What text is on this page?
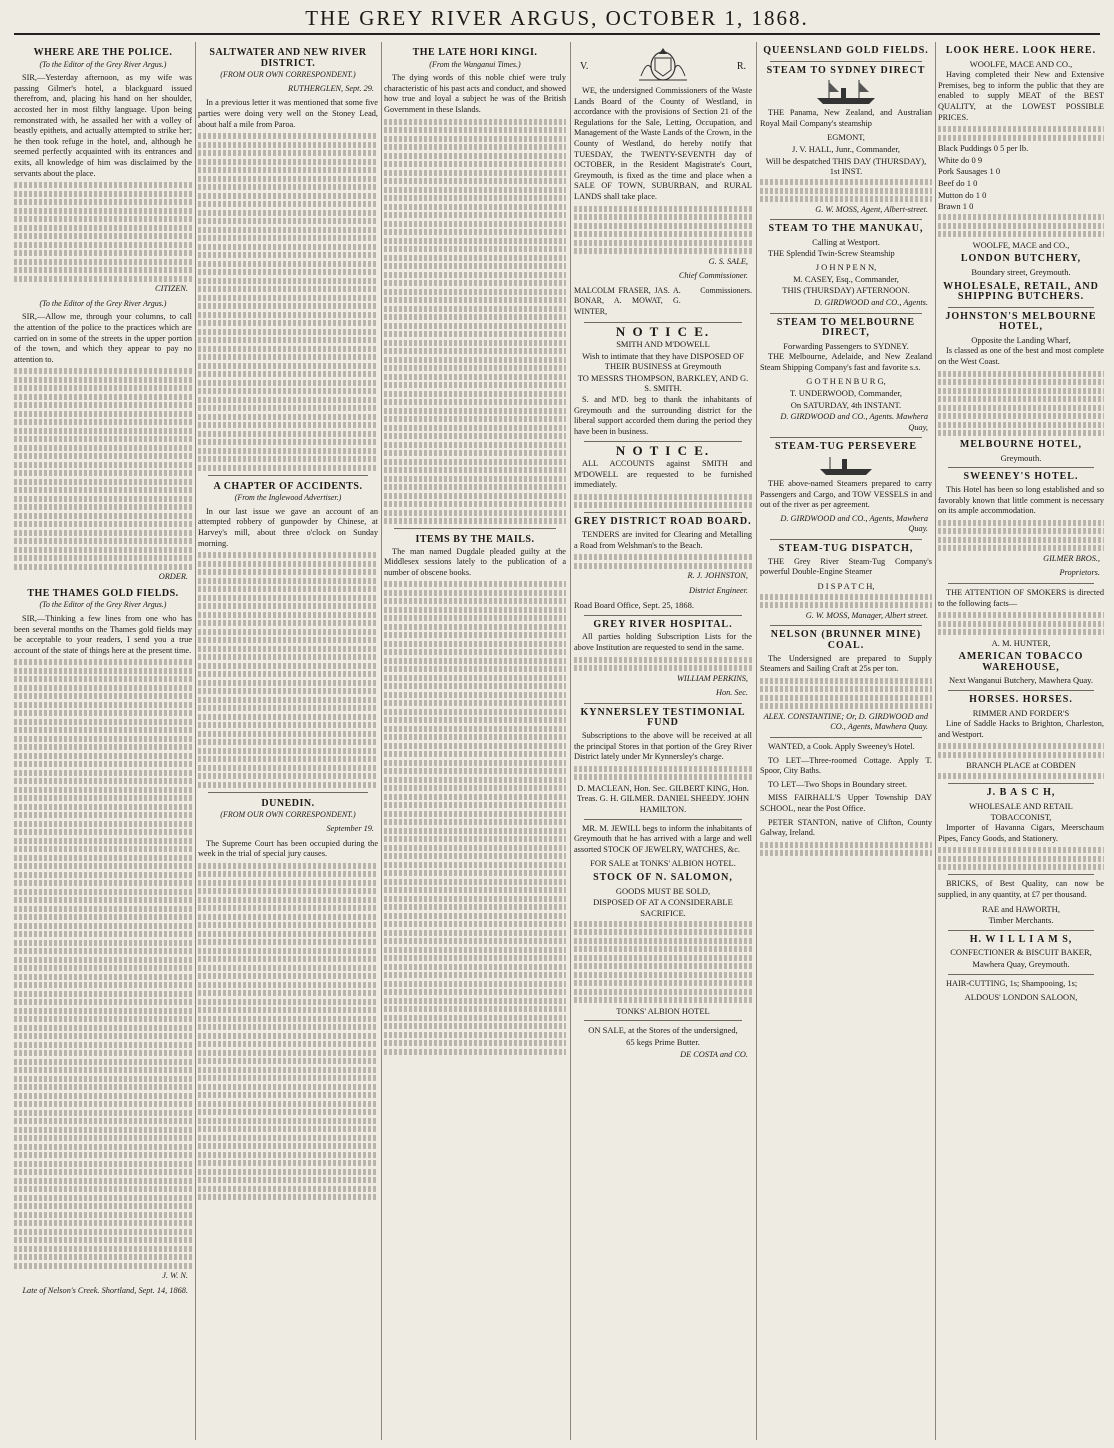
THE GREY RIVER ARGUS, OCTOBER 1, 1868.
WHERE ARE THE POLICE.
(To the Editor of the Grey River Argus.)

SIR,—Yesterday afternoon, as my wife was passing Gilmer's hotel, a blackguard issued therefrom, and, placing his hand on her shoulder, accosted her in most filthy language. Upon being remonstrated with, he assailed her with a volley of beastly epithets, and actually attempted to strike her; he then took refuge in the hotel, and, although he seemed perfectly acquainted with its entrances and exits, all knowledge of him was disclaimed by the servants about the place.

CITIZEN.
(To the Editor of the Grey River Argus.)

SIR,—Allow me, through your columns, to call the attention of the police to the practices which are carried on in some of the streets in the upper portion of the town, and which they appear to pay no attention to.

ORDER.
THE THAMES GOLD FIELDS.
(To the Editor of the Grey River Argus.)

SIR,—Thinking a few lines from one who has been several months on the Thames gold fields may be acceptable to your readers, I send you a true account of the state of things here at the present time.

J. W. N.
Late of Nelson's Creek. Shortland, Sept. 14, 1868.
SALTWATER AND NEW RIVER DISTRICT.
(FROM OUR OWN CORRESPONDENT.)
RUTHERGLEN, Sept. 29.

In a previous letter it was mentioned that some five parties were doing very well on the Stoney Lead, about half a mile from Paroa.

A CHAPTER OF ACCIDENTS.
(From the Inglewood Advertiser.)

In our last issue we gave an account of an attempted robbery of gunpowder by Chinese, at Harvey's mill, about three o'clock on Sunday morning.

DUNEDIN.
(FROM OUR OWN CORRESPONDENT.)
September 19.

The Supreme Court has been occupied during the week in the trial of special jury causes.

THE LATE HORI KINGI.
(From the Wanganui Times.)

The dying words of this noble chief were truly characteristic of his past acts and conduct, and showed how true and loyal a subject he was of the British Government in these Islands.

ITEMS BY THE MAILS.

The man named Dugdale pleaded guilty at the Middlesex sessions lately to the publication of a number of obscene books.

V.	R.

WE, the undersigned Commissioners of the Waste Lands Board of the County of Westland, in accordance with the provisions of Section 21 of the Regulations for the Sale, Letting, Occupation, and Management of the Waste Lands of the Crown, in the County of Westland, do hereby notify that TUESDAY, the TWENTY-SEVENTH day of OCTOBER, in the Resident Magistrate's Court, Greymouth, is fixed as the time and place when a SALE OF TOWN, SUBURBAN, and RURAL LANDS shall take place.

G. S. SALE,
Chief Commissioner.
MALCOLM FRASER, JAS. A. BONAR, A. MOWAT, G. WINTER,
Commissioners.
N O T I C E.
SMITH AND M'DOWELL
Wish to intimate that they have DISPOSED OF THEIR BUSINESS at Greymouth
TO MESSRS THOMPSON, BARKLEY, AND G. S. SMITH.

S. and M'D. beg to thank the inhabitants of Greymouth and the surrounding district for the liberal support accorded them during the period they have been in business.

N O T I C E.

ALL ACCOUNTS against SMITH and M'DOWELL are requested to be furnished immediately.

GREY DISTRICT ROAD BOARD.

TENDERS are invited for Clearing and Metalling a Road from Welshman's to the Beach.

R. J. JOHNSTON,
District Engineer.
Road Board Office, Sept. 25, 1868.
GREY RIVER HOSPITAL.

All parties holding Subscription Lists for the above Institution are requested to send in the same.

WILLIAM PERKINS,
Hon. Sec.
KYNNERSLEY TESTIMONIAL FUND

Subscriptions to the above will be received at all the principal Stores in that portion of the Grey River District lately under Mr Kynnersley's charge.

D. MACLEAN, Hon. Sec. GILBERT KING, Hon. Treas. G. H. GILMER. DANIEL SHEEDY. JOHN HAMILTON.

MR. M. JEWILL begs to inform the inhabitants of Greymouth that he has arrived with a large and well assorted STOCK OF JEWELRY, WATCHES, &c.

FOR SALE at TONKS' ALBION HOTEL.
STOCK OF N. SALOMON,
GOODS MUST BE SOLD,
DISPOSED OF AT A CONSIDERABLE SACRIFICE.
TONKS' ALBION HOTEL
ON SALE, at the Stores of the undersigned,
65 kegs Prime Butter.
DE COSTA and CO.
QUEENSLAND GOLD FIELDS.
STEAM TO SYDNEY DIRECT

THE Panama, New Zealand, and Australian Royal Mail Company's steamship

EGMONT,
J. V. HALL, Junr., Commander,
Will be despatched THIS DAY (THURSDAY), 1st INST.
G. W. MOSS, Agent, Albert-street.
STEAM TO THE MANUKAU,
Calling at Westport.

THE Splendid Twin-Screw Steamship

J O H N P E N N,
M. CASEY, Esq., Commander,
THIS (THURSDAY) AFTERNOON.
D. GIRDWOOD and CO., Agents.
STEAM TO MELBOURNE DIRECT,
Forwarding Passengers to SYDNEY.

THE Melbourne, Adelaide, and New Zealand Steam Shipping Company's fast and favorite s.s.

G O T H E N B U R G,
T. UNDERWOOD, Commander,
On SATURDAY, 4th INSTANT.
D. GIRDWOOD and CO., Agents. Mawhera Quay,
STEAM-TUG PERSEVERE

THE above-named Steamers prepared to carry Passengers and Cargo, and TOW VESSELS in and out of the river as per agreement.

D. GIRDWOOD and CO., Agents, Mawhera Quay.
STEAM-TUG DISPATCH,

THE Grey River Steam-Tug Company's powerful Double-Engine Steamer

D I S P A T C H,
G. W. MOSS, Manager, Albert street.
NELSON (BRUNNER MINE) COAL.

The Undersigned are prepared to Supply Steamers and Sailing Craft at 25s per ton.

ALEX. CONSTANTINE; Or, D. GIRDWOOD and CO., Agents, Mawhera Quay.

WANTED, a Cook. Apply Sweeney's Hotel.

TO LET—Three-roomed Cottage. Apply T. Spoor, City Baths.

TO LET—Two Shops in Boundary street.

MISS FAIRHALL'S Upper Township DAY SCHOOL, near the Post Office.

PETER STANTON, native of Clifton, County Galway, Ireland.

LOOK HERE. LOOK HERE.
WOOLFE, MACE AND CO.,

Having completed their New and Extensive Premises, beg to inform the public that they are enabled to supply MEAT of the BEST QUALITY, at the LOWEST POSSIBLE PRICES.

Black Puddings 0 5 per lb.
White do 0 9
Pork Sausages 1 0
Beef do 1 0
Mutton do 1 0
Brawn 1 0
WOOLFE, MACE and CO.,
LONDON BUTCHERY,
Boundary street, Greymouth.
WHOLESALE, RETAIL, AND SHIPPING BUTCHERS.
JOHNSTON'S MELBOURNE HOTEL,
Opposite the Landing Wharf,

Is classed as one of the best and most complete on the West Coast.

MELBOURNE HOTEL,
Greymouth.
SWEENEY'S HOTEL.

This Hotel has been so long established and so favorably known that little comment is necessary on its ample accommodation.

GILMER BROS.,
Proprietors.

THE ATTENTION OF SMOKERS is directed to the following facts—

A. M. HUNTER,
AMERICAN TOBACCO WAREHOUSE,
Next Wanganui Butchery, Mawhera Quay.
HORSES. HORSES.
RIMMER AND FORDER'S

Line of Saddle Hacks to Brighton, Charleston, and Westport.

BRANCH PLACE at COBDEN
J. B A S C H,
WHOLESALE AND RETAIL TOBACCONIST,

Importer of Havanna Cigars, Meerschaum Pipes, Fancy Goods, and Stationery.

BRICKS, of Best Quality, can now be supplied, in any quantity, at £7 per thousand.

RAE and HAWORTH,
Timber Merchants.
H. W I L L I A M S,
CONFECTIONER & BISCUIT BAKER,
Mawhera Quay, Greymouth.

HAIR-CUTTING, 1s; Shampooing, 1s;

ALDOUS' LONDON SALOON,
